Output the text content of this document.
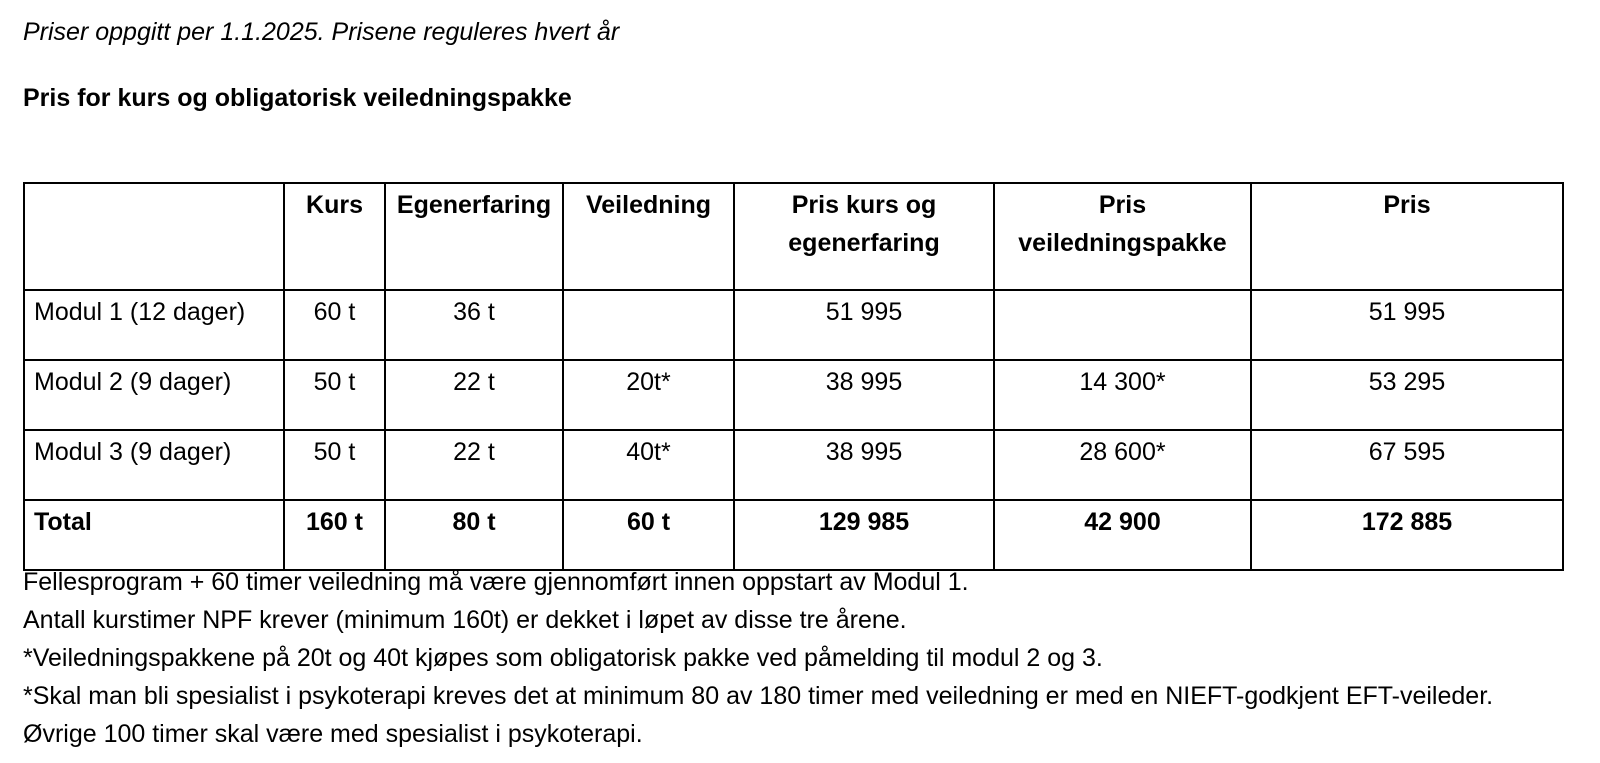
Priser oppgitt per 1.1.2025. Prisene reguleres hvert år
Pris for kurs og obligatorisk veiledningspakke
	Kurs	Egenerfaring	Veiledning	Pris kurs og egenerfaring	Pris veiledningspakke	Pris
Modul 1 (12 dager)	60 t	36 t		51 995		51 995
Modul 2 (9 dager)	50 t	22 t	20t*	38 995	14 300*	53 295
Modul 3 (9 dager)	50 t	22 t	40t*	38 995	28 600*	67 595
Total	160 t	80 t	60 t	129 985	42 900	172 885

Fellesprogram + 60 timer veiledning må være gjennomført innen oppstart av Modul 1.

Antall kurstimer NPF krever (minimum 160t) er dekket i løpet av disse tre årene.

*Veiledningspakkene på 20t og 40t kjøpes som obligatorisk pakke ved påmelding til modul 2 og 3.

*Skal man bli spesialist i psykoterapi kreves det at minimum 80 av 180 timer med veiledning er med en NIEFT-godkjent EFT-veileder. Øvrige 100 timer skal være med spesialist i psykoterapi.
